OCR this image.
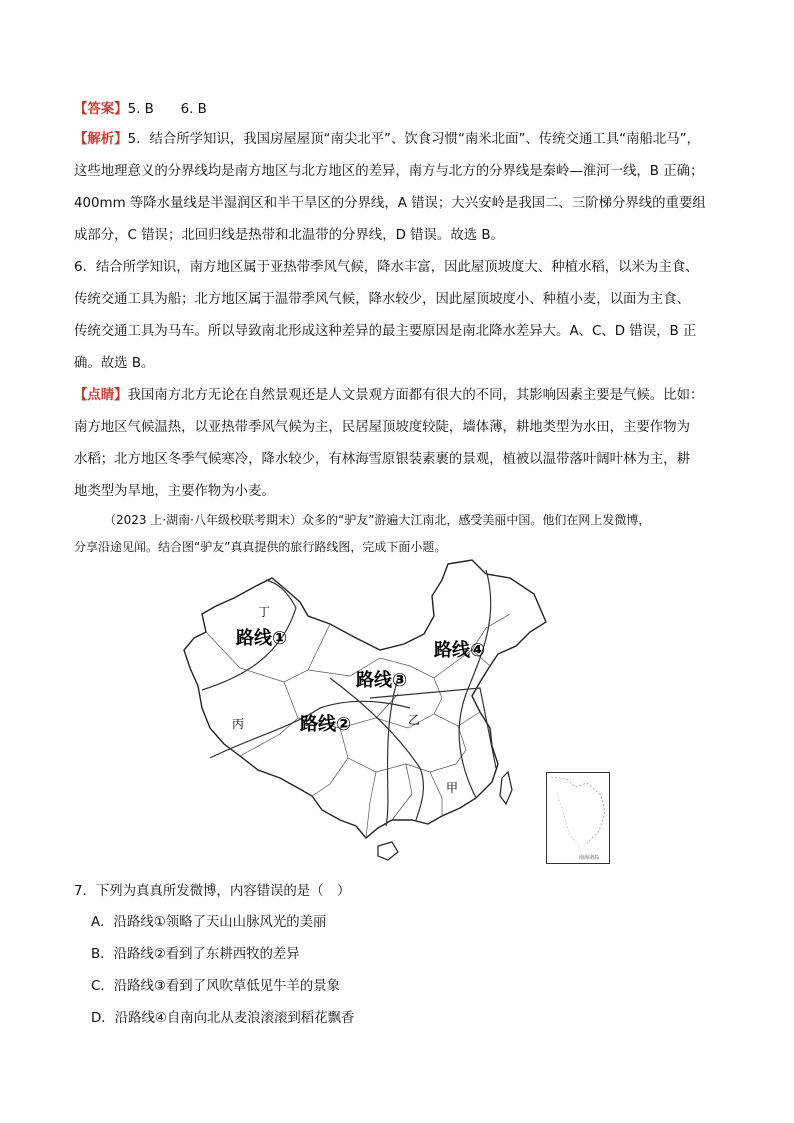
【答案】5. B　　6. B
【解析】5．结合所学知识，我国房屋屋顶“南尖北平”、饮食习惯“南米北面”、传统交通工具“南船北马”，
这些地理意义的分界线均是南方地区与北方地区的差异，南方与北方的分界线是秦岭—淮河一线，B 正确；
400mm 等降水量线是半湿润区和半干旱区的分界线，A 错误；大兴安岭是我国二、三阶梯分界线的重要组
成部分，C 错误；北回归线是热带和北温带的分界线，D 错误。故选 B。
6．结合所学知识，南方地区属于亚热带季风气候，降水丰富，因此屋顶坡度大、种植水稻，以米为主食、
传统交通工具为船；北方地区属于温带季风气候，降水较少，因此屋顶坡度小、种植小麦，以面为主食、
传统交通工具为马车。所以导致南北形成这种差异的最主要原因是南北降水差异大。A、C、D 错误，B 正
确。故选 B。
【点睛】我国南方北方无论在自然景观还是人文景观方面都有很大的不同，其影响因素主要是气候。比如：
南方地区气候温热，以亚热带季风气候为主，民居屋顶坡度较陡，墙体薄，耕地类型为水田，主要作物为
水稻；北方地区冬季气候寒冷，降水较少，有林海雪原银装素裹的景观，植被以温带落叶阔叶林为主，耕
地类型为旱地，主要作物为小麦。
（2023 上·湖南·八年级校联考期末）众多的“驴友”游遍大江南北，感受美丽中国。他们在网上发微博，
分享沿途见闻。结合图“驴友”真真提供的旅行路线图，完成下面小题。
丁
路线①
路线④
路线③
丙	路线②	乙
甲
南海诸岛
7．下列为真真所发微博，内容错误的是（　）
A．沿路线①领略了天山山脉风光的美丽
B．沿路线②看到了东耕西牧的差异
C．沿路线③看到了风吹草低见牛羊的景象
D．沿路线④自南向北从麦浪滚滚到稻花飘香
